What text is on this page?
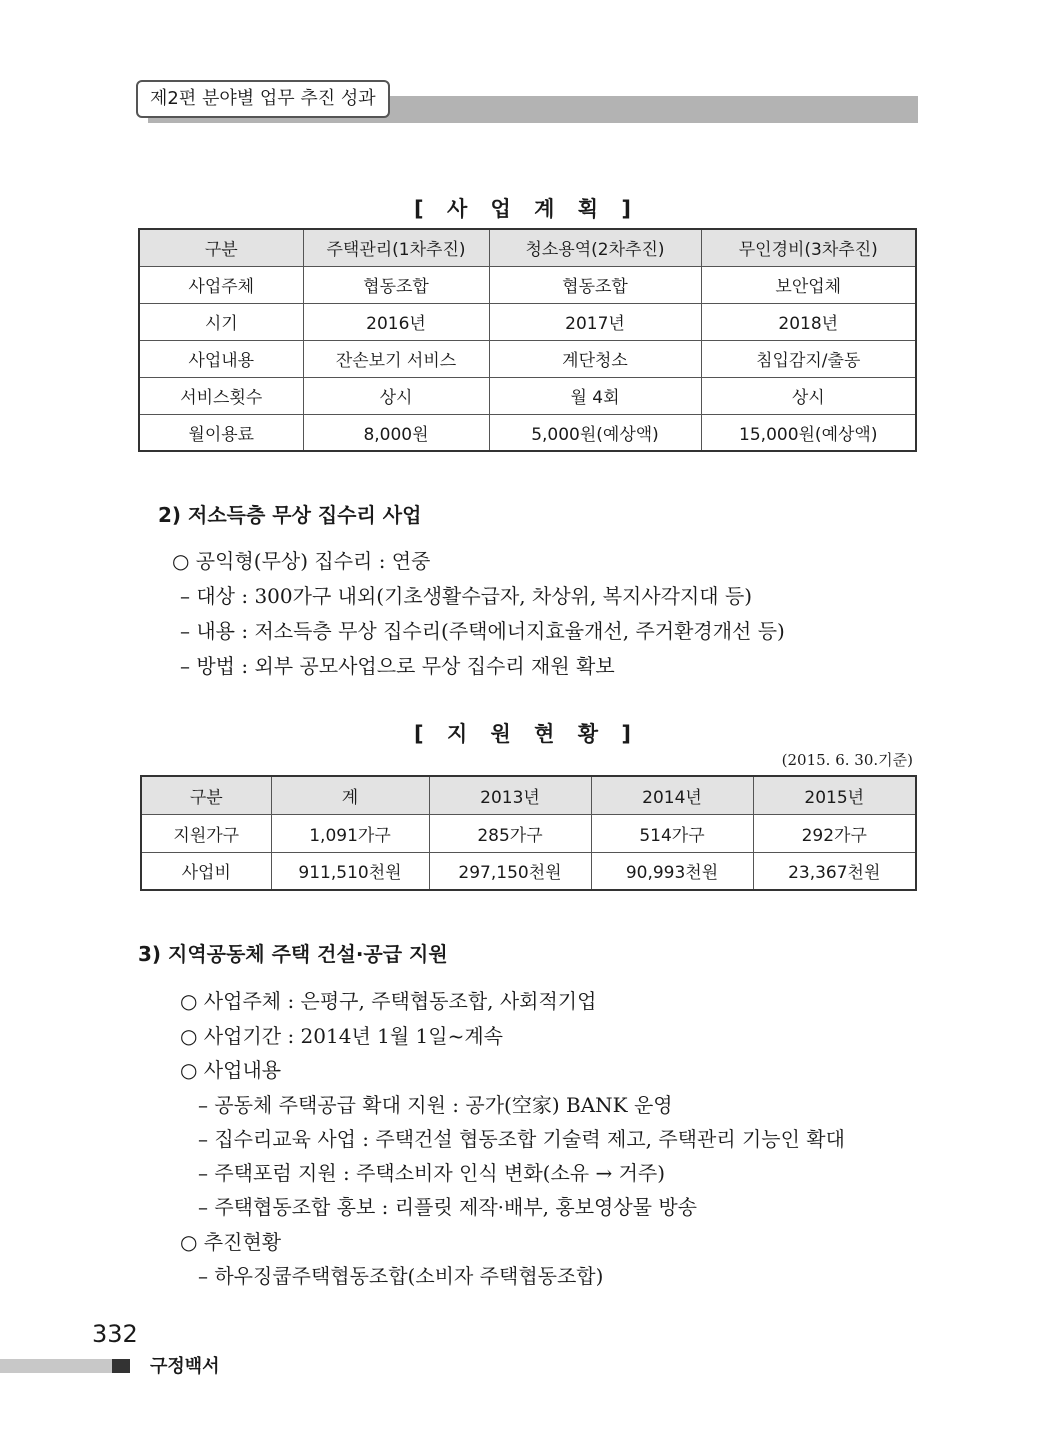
제2편 분야별 업무 추진 성과
[ 사 업 계 획 ]
구분	주택관리(1차추진)	청소용역(2차추진)	무인경비(3차추진)
사업주체	협동조합	협동조합	보안업체
시기	2016년	2017년	2018년
사업내용	잔손보기 서비스	계단청소	침입감지/출동
서비스횟수	상시	월 4회	상시
월이용료	8,000원	5,000원(예상액)	15,000원(예상액)
2) 저소득층 무상 집수리 사업
○ 공익형(무상) 집수리 : 연중
– 대상 : 300가구 내외(기초생활수급자, 차상위, 복지사각지대 등)
– 내용 : 저소득층 무상 집수리(주택에너지효율개선, 주거환경개선 등)
– 방법 : 외부 공모사업으로 무상 집수리 재원 확보
[ 지 원 현 황 ]
(2015. 6. 30.기준)
구분	계	2013년	2014년	2015년
지원가구	1,091가구	285가구	514가구	292가구
사업비	911,510천원	297,150천원	90,993천원	23,367천원
3) 지역공동체 주택 건설·공급 지원
○ 사업주체 : 은평구, 주택협동조합, 사회적기업
○ 사업기간 : 2014년 1월 1일~계속
○ 사업내용
– 공동체 주택공급 확대 지원 : 공가(空家) BANK 운영
– 집수리교육 사업 : 주택건설 협동조합 기술력 제고, 주택관리 기능인 확대
– 주택포럼 지원 : 주택소비자 인식 변화(소유 → 거주)
– 주택협동조합 홍보 : 리플릿 제작·배부, 홍보영상물 방송
○ 추진현황
– 하우징쿱주택협동조합(소비자 주택협동조합)
332
구정백서
